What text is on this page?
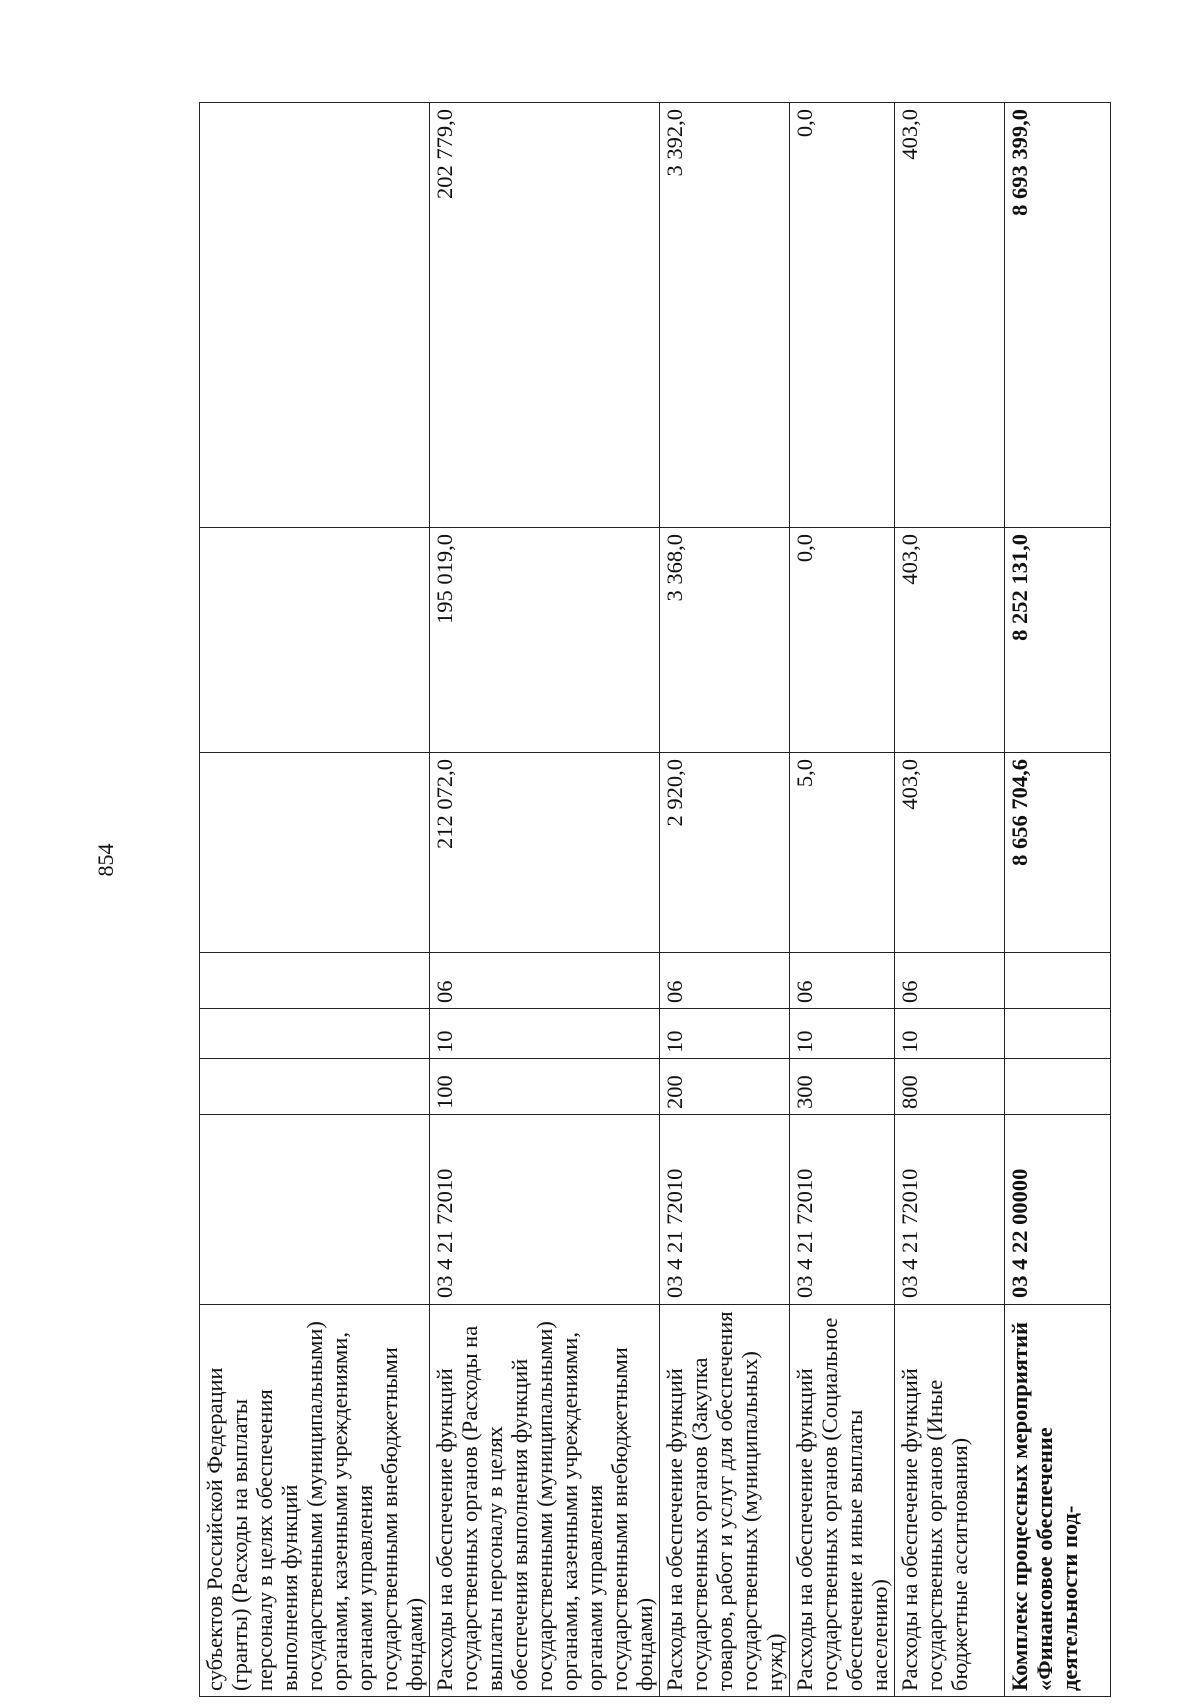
854
субъектов Российской Федерации (гранты) (Расходы на выплаты персоналу в целях обеспечения выполнения функций государственными (муниципальными) органами, казенными учреждениями, органами управления государственными внебюджетными фондами)							
Расходы на обеспечение функций государственных органов (Расходы на выплаты персоналу в целях обеспечения выполнения функций государственными (муниципальными) органами, казенными учреждениями, органами управления государственными внебюджетными фондами)	03 4 21 72010	100	10	06	212 072,0	195 019,0	202 779,0
Расходы на обеспечение функций государственных органов (Закупка товаров, работ и услуг для обеспечения государственных (муниципальных) нужд)	03 4 21 72010	200	10	06	2 920,0	3 368,0	3 392,0
Расходы на обеспечение функций государственных органов (Социальное обеспечение и иные выплаты населению)	03 4 21 72010	300	10	06	5,0	0,0	0,0
Расходы на обеспечение функций государственных органов (Иные бюджетные ассигнования)	03 4 21 72010	800	10	06	403,0	403,0	403,0
Комплекс процессных мероприятий «Финансовое обеспечение деятельности под-	03 4 22 00000				8 656 704,6	8 252 131,0	8 693 399,0
